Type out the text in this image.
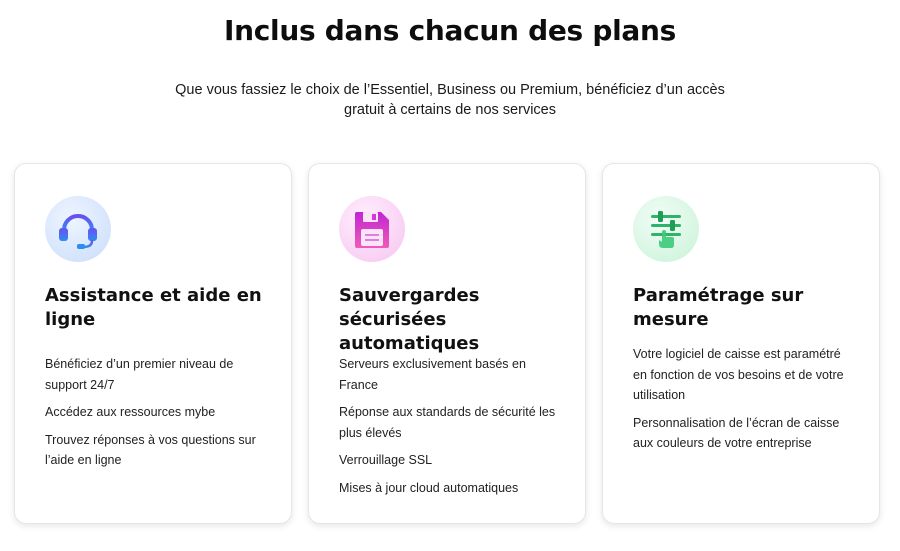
Inclus dans chacun des plans

Que vous fassiez le choix de l’Essentiel, Business ou Premium, bénéficiez d’un accès gratuit à certains de nos services

Assistance et aide en ligne
Bénéficiez d’un premier niveau de support 24/7
Accédez aux ressources mybe
Trouvez réponses à vos questions sur l’aide en ligne
Sauvergardes sécurisées automatiques
Serveurs exclusivement basés en France
Réponse aux standards de sécurité les plus élevés
Verrouillage SSL
Mises à jour cloud automatiques
Paramétrage sur mesure
Votre logiciel de caisse est paramétré en fonction de vos besoins et de votre utilisation
Personnalisation de l’écran de caisse aux couleurs de votre entreprise
